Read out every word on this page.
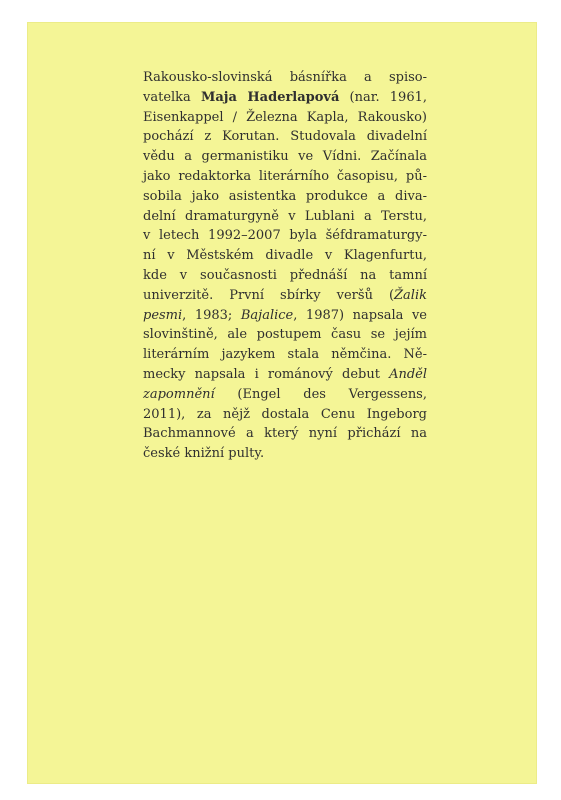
Rakousko-slovinská básnířka a spiso-
vatelka Maja Haderlapová (nar. 1961,
Eisenkappel / Železna Kapla, Rakousko)
pochází z Korutan. Studovala divadelní
vědu a germanistiku ve Vídni. Začínala
jako redaktorka literárního časopisu, pů-
sobila jako asistentka produkce a diva-
delní dramaturgyně v Lublani a Terstu,
v letech 1992–2007 byla šéfdramaturgy-
ní v Městském divadle v Klagenfurtu,
kde v současnosti přednáší na tamní
univerzitě. První sbírky veršů (Žalik
pesmi, 1983; Bajalice, 1987) napsala ve
slovinštině, ale postupem času se jejím
literárním jazykem stala němčina. Ně-
mecky napsala i románový debut Anděl
zapomnění (Engel des Vergessens,
2011), za nějž dostala Cenu Ingeborg
Bachmannové a který nyní přichází na
české knižní pulty.
